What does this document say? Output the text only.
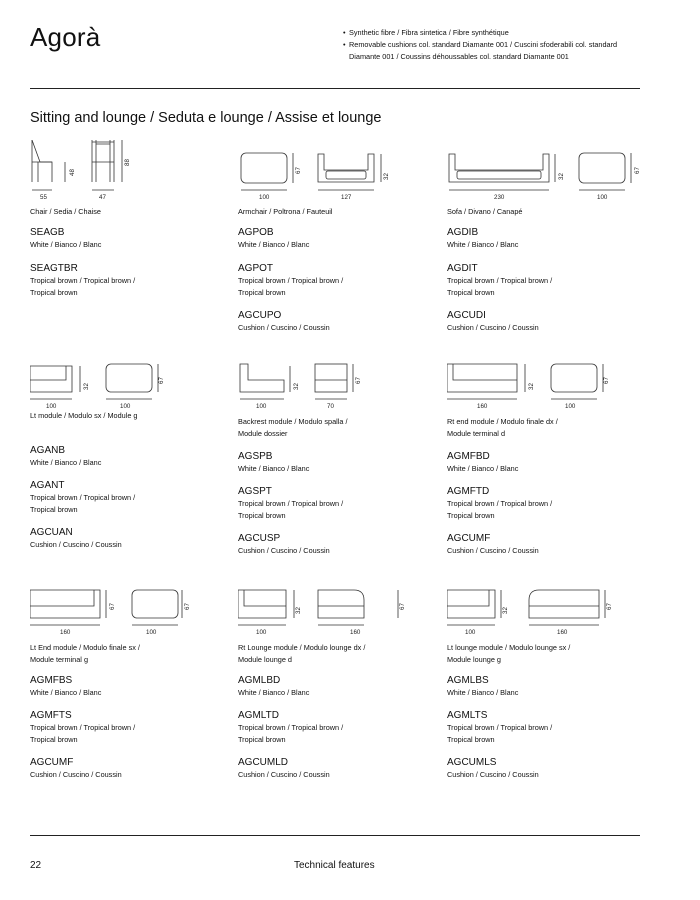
Agorà	• Synthetic fibre / Fibra sintetica / Fibre synthétique
• Removable cushions col. standard Diamante 001 / Cuscini sfoderabili col. standard Diamante 001 / Coussins déhoussables col. standard Diamante 001
Sitting and lounge / Seduta e lounge / Assise et lounge
55	47
48
88
Chair / Sedia / Chaise
SEAGB
White / Bianco / Blanc
SEAGTBR
Tropical brown / Tropical brown / Tropical brown
100	127
67
32
Armchair / Poltrona / Fauteuil
AGPOB
White / Bianco / Blanc
AGPOT
Tropical brown / Tropical brown / Tropical brown
AGCUPO
Cushion / Cuscino / Coussin
230	100
32
67
Sofa / Divano / Canapé
AGDIB
White / Bianco / Blanc
AGDIT
Tropical brown / Tropical brown / Tropical brown
AGCUDI
Cushion / Cuscino / Coussin
100	100
32
67
Lt module / Modulo sx / Module g
AGANB
White / Bianco / Blanc
AGANT
Tropical brown / Tropical brown / Tropical brown
AGCUAN
Cushion / Cuscino / Coussin
100	70
32
67
Backrest module / Modulo spalla / Module dossier
AGSPB
White / Bianco / Blanc
AGSPT
Tropical brown / Tropical brown / Tropical brown
AGCUSP
Cushion / Cuscino / Coussin
160	100
32
67
Rt end module / Modulo finale dx / Module terminal d
AGMFBD
White / Bianco / Blanc
AGMFTD
Tropical brown / Tropical brown / Tropical brown
AGCUMF
Cushion / Cuscino / Coussin
160	100
67	67
Lt End module / Modulo finale sx / Module terminal g
AGMFBS
White / Bianco / Blanc
AGMFTS
Tropical brown / Tropical brown / Tropical brown
AGCUMF
Cushion / Cuscino / Coussin
100	160
32
67
Rt Lounge module / Modulo lounge dx / Module lounge d
AGMLBD
White / Bianco / Blanc
AGMLTD
Tropical brown / Tropical brown / Tropical brown
AGCUMLD
Cushion / Cuscino / Coussin
100	160
32
67
Lt lounge module / Modulo lounge sx / Module lounge g
AGMLBS
White / Bianco / Blanc
AGMLTS
Tropical brown / Tropical brown / Tropical brown
AGCUMLS
Cushion / Cuscino / Coussin
22	Technical features
